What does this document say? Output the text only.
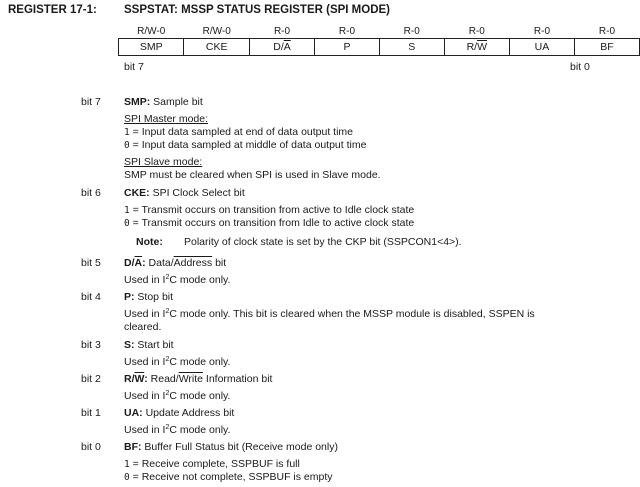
REGISTER 17-1: SSPSTAT: MSSP STATUS REGISTER (SPI MODE)
R/W-0	R/W-0	R-0	R-0	R-0	R-0	R-0	R-0
SMP	CKE	$D/\overline{A}$	P	S	$R/\overline{W}$	UA	BF
bit 7	bit 0
bit 7 SMP: Sample bit
SPI Master mode:
1 = Input data sampled at end of data output time
0 = Input data sampled at middle of data output time
SPI Slave mode:
SMP must be cleared when SPI is used in Slave mode.
bit 6 CKE: SPI Clock Select bit
1 = Transmit occurs on transition from active to Idle clock state
0 = Transmit occurs on transition from Idle to active clock state
Note: Polarity of clock state is set by the CKP bit (SSPCON1<4>).
bit 5 $D/\overline{A}$: Data/Address bit
Used in $I^2C$ mode only.
bit 4 P: Stop bit
Used in $I^2C$ mode only. This bit is cleared when the MSSP module is disabled, SSPEN is
cleared.
bit 3 S: Start bit
Used in $I^2C$ mode only.
bit 2 $R/\overline{W}$: Read/Write Information bit
Used in $I^2C$ mode only.
bit 1 UA: Update Address bit
Used in $I^2C$ mode only.
bit 0 BF: Buffer Full Status bit (Receive mode only)
1 = Receive complete, SSPBUF is full
0 = Receive not complete, SSPBUF is empty
